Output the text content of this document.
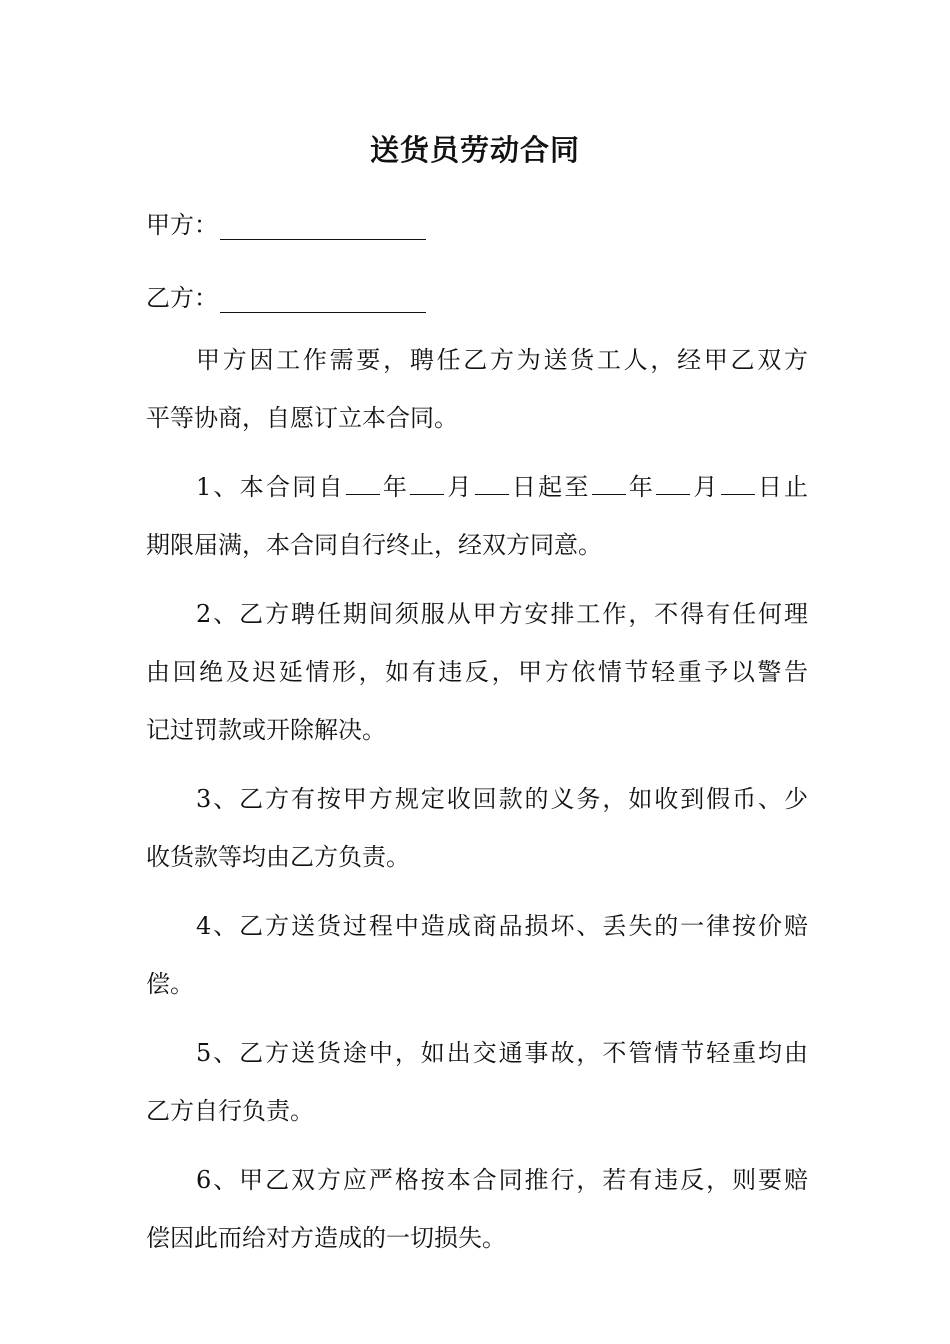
送货员劳动合同
甲方：
乙方：
甲方因工作需要，聘任乙方为送货工人，经甲乙双方
平等协商，自愿订立本合同。
1、本合同自 年 月 日起至 年 月 日止
期限届满，本合同自行终止，经双方同意。
2、乙方聘任期间须服从甲方安排工作，不得有任何理
由回绝及迟延情形，如有违反，甲方依情节轻重予以警告
记过罚款或开除解决。
3、乙方有按甲方规定收回款的义务，如收到假币、少
收货款等均由乙方负责。
4、乙方送货过程中造成商品损坏、丢失的一律按价赔
偿。
5、乙方送货途中，如出交通事故，不管情节轻重均由
乙方自行负责。
6、甲乙双方应严格按本合同推行，若有违反，则要赔
偿因此而给对方造成的一切损失。
